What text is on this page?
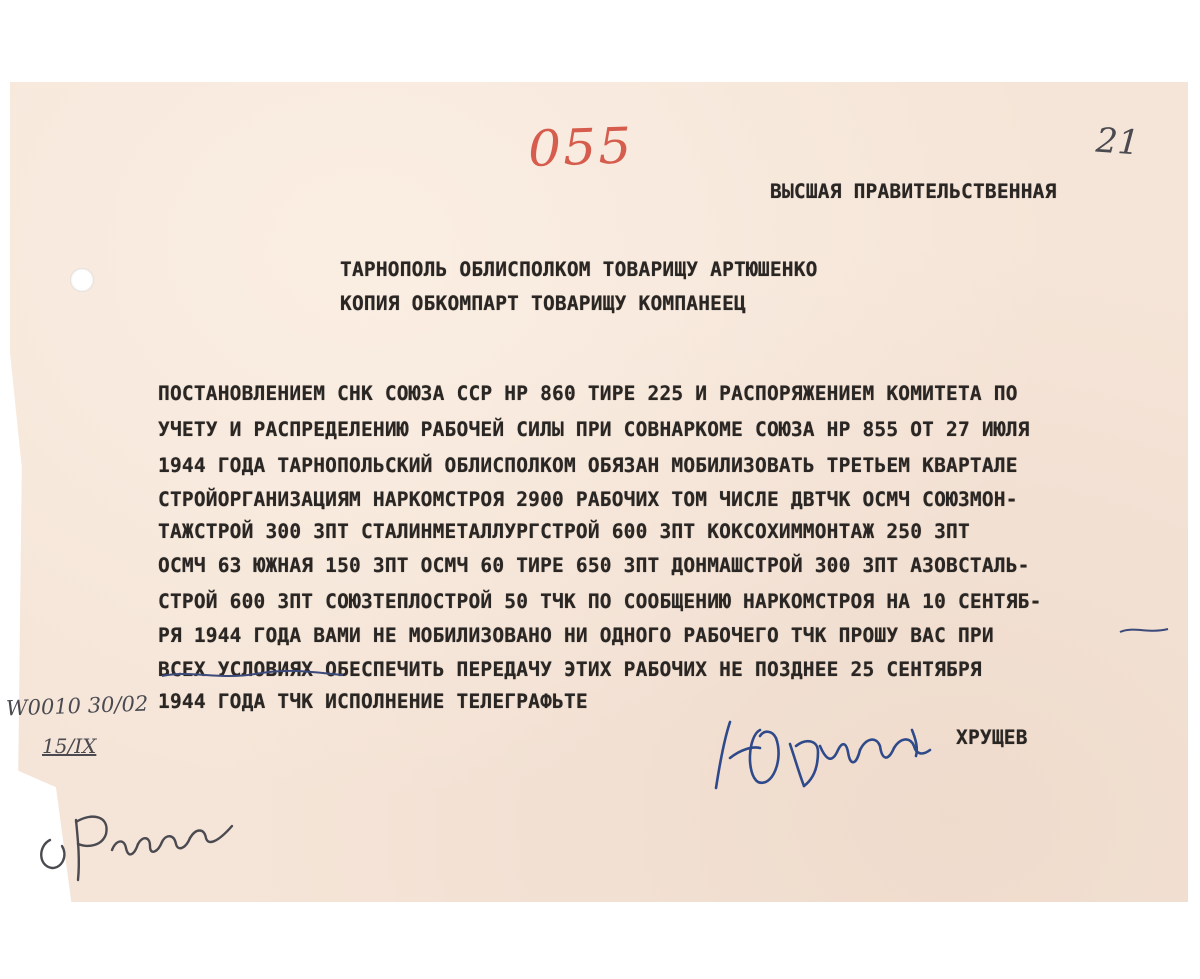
055	21
ВЫСШАЯ ПРАВИТЕЛЬСТВЕННАЯ
ТАРНОПОЛЬ ОБЛИСПОЛКОМ ТОВАРИЩУ АРТЮШЕНКО
КОПИЯ ОБКОМПАРТ ТОВАРИЩУ КОМПАНЕЕЦ
ПОСТАНОВЛЕНИЕМ СНК СОЮЗА ССР НР 860 ТИРЕ 225 И РАСПОРЯЖЕНИЕМ КОМИТЕТА ПО
УЧЕТУ И РАСПРЕДЕЛЕНИЮ РАБОЧЕЙ СИЛЫ ПРИ СОВНАРКОМЕ СОЮЗА НР 855 ОТ 27 ИЮЛЯ
1944 ГОДА ТАРНОПОЛЬСКИЙ ОБЛИСПОЛКОМ ОБЯЗАН МОБИЛИЗОВАТЬ ТРЕТЬЕМ КВАРТАЛЕ
СТРОЙОРГАНИЗАЦИЯМ НАРКОМСТРОЯ 2900 РАБОЧИХ ТОМ ЧИСЛЕ ДВТЧК ОСМЧ СОЮЗМОН-
ТАЖСТРОЙ 300 ЗПТ СТАЛИНМЕТАЛЛУРГСТРОЙ 600 ЗПТ КОКСОХИММОНТАЖ 250 ЗПТ
ОСМЧ 63 ЮЖНАЯ 150 ЗПТ ОСМЧ 60 ТИРЕ 650 ЗПТ ДОНМАШСТРОЙ 300 ЗПТ АЗОВСТАЛЬ-
СТРОЙ 600 ЗПТ СОЮЗТЕПЛОСТРОЙ 50 ТЧК ПО СООБЩЕНИЮ НАРКОМСТРОЯ НА 10 СЕНТЯБ-
РЯ 1944 ГОДА ВАМИ НЕ МОБИЛИЗОВАНО НИ ОДНОГО РАБОЧЕГО ТЧК ПРОШУ ВАС ПРИ
ВСЕХ УСЛОВИЯХ ОБЕСПЕЧИТЬ ПЕРЕДАЧУ ЭТИХ РАБОЧИХ НЕ ПОЗДНЕЕ 25 СЕНТЯБРЯ
1944 ГОДА ТЧК ИСПОЛНЕНИЕ ТЕЛЕГРАФЬТЕ
ХРУЩЕВ
W0010 30/02
15/IX
